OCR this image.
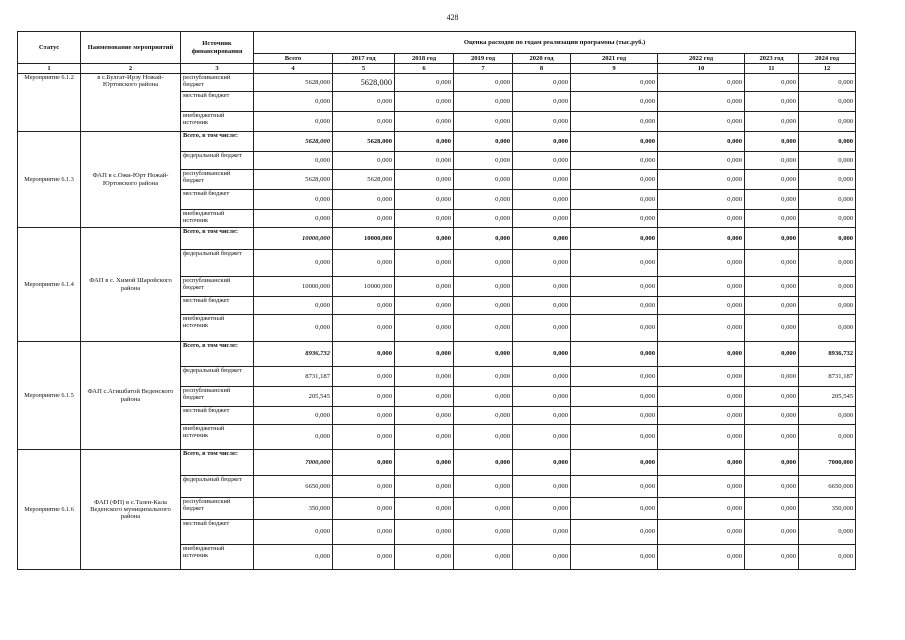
428
Статус	Наименование мероприятий	Источник финансирования	Оценка расходов по годам реализации программы (тыс.руб.)								
			Всего	2017 год	2018 год	2019 год	2020 год	2021 год	2022 год	2023 год	2024 год
1	2	3	4	5	6	7	8	9	10	11	12
Мероприятие 6.1.2	в с.Булгат-Ирзу Ножай-Юртовского района	республиканский бюджет	5628,000	5628,000	0,000	0,000	0,000	0,000	0,000	0,000	0,000
		местный бюджет	0,000	0,000	0,000	0,000	0,000	0,000	0,000	0,000	0,000
		внебюджетный источник	0,000	0,000	0,000	0,000	0,000	0,000	0,000	0,000	0,000
Мероприятие 6.1.3	ФАП в с.Ожи-Юрт Ножай-Юртовского района	Всего, в том числе:	5628,000	5628,000	0,000	0,000	0,000	0,000	0,000	0,000	0,000
		федеральный бюджет	0,000	0,000	0,000	0,000	0,000	0,000	0,000	0,000	0,000
		республиканский бюджет	5628,000	5628,000	0,000	0,000	0,000	0,000	0,000	0,000	0,000
		местный бюджет	0,000	0,000	0,000	0,000	0,000	0,000	0,000	0,000	0,000
		внебюджетный источник	0,000	0,000	0,000	0,000	0,000	0,000	0,000	0,000	0,000
Мероприятие 6.1.4	ФАП в с. Химой Шаройского района	Всего, в том числе:	10000,000	10000,000	0,000	0,000	0,000	0,000	0,000	0,000	0,000
		федеральный бюджет	0,000	0,000	0,000	0,000	0,000	0,000	0,000	0,000	0,000
		республиканский бюджет	10000,000	10000,000	0,000	0,000	0,000	0,000	0,000	0,000	0,000
		местный бюджет	0,000	0,000	0,000	0,000	0,000	0,000	0,000	0,000	0,000
		внебюджетный источник	0,000	0,000	0,000	0,000	0,000	0,000	0,000	0,000	0,000
Мероприятие 6.1.5	ФАП с.Агишбатой Веденского района	Всего, в том числе:	8936,732	0,000	0,000	0,000	0,000	0,000	0,000	0,000	8936,732
		федеральный бюджет	8731,187	0,000	0,000	0,000	0,000	0,000	0,000	0,000	8731,187
		республиканский бюджет	205,545	0,000	0,000	0,000	0,000	0,000	0,000	0,000	205,545
		местный бюджет	0,000	0,000	0,000	0,000	0,000	0,000	0,000	0,000	0,000
		внебюджетный источник	0,000	0,000	0,000	0,000	0,000	0,000	0,000	0,000	0,000
Мероприятие 6.1.6	ФАП (ФП) в с.Тазен-Кала Веденского муниципального района	Всего, в том числе:	7000,000	0,000	0,000	0,000	0,000	0,000	0,000	0,000	7000,000
		федеральный бюджет	6650,000	0,000	0,000	0,000	0,000	0,000	0,000	0,000	6650,000
		республиканский бюджет	350,000	0,000	0,000	0,000	0,000	0,000	0,000	0,000	350,000
		местный бюджет	0,000	0,000	0,000	0,000	0,000	0,000	0,000	0,000	0,000
		внебюджетный источник	0,000	0,000	0,000	0,000	0,000	0,000	0,000	0,000	0,000
